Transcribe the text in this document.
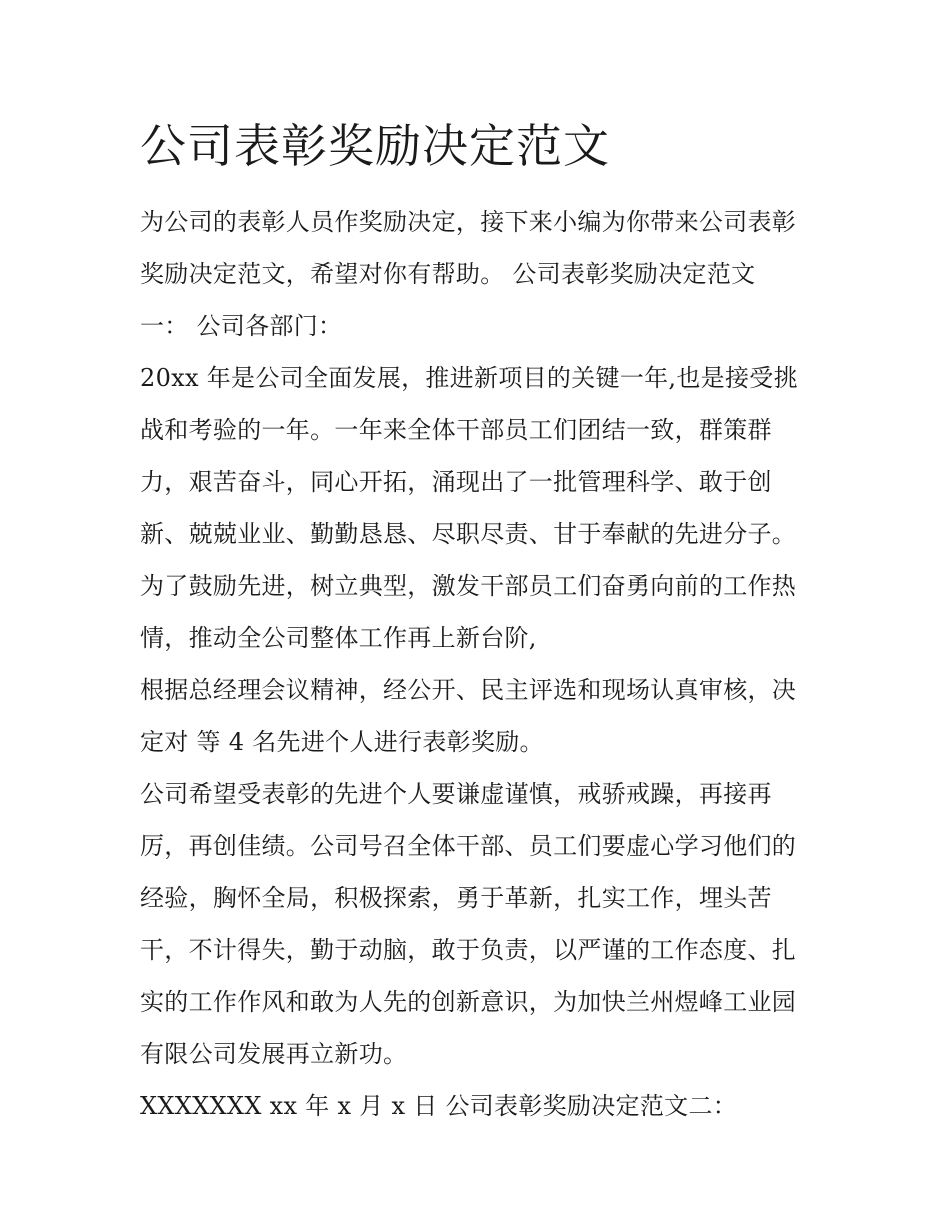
公司表彰奖励决定范文
为公司的表彰人员作奖励决定，接下来小编为你带来公司表彰
奖励决定范文，希望对你有帮助。 公司表彰奖励决定范文
一： 公司各部门：
20xx 年是公司全面发展，推进新项目的关键一年,也是接受挑
战和考验的一年。一年来全体干部员工们团结一致，群策群
力，艰苦奋斗，同心开拓，涌现出了一批管理科学、敢于创
新、兢兢业业、勤勤恳恳、尽职尽责、甘于奉献的先进分子。
为了鼓励先进，树立典型，激发干部员工们奋勇向前的工作热
情，推动全公司整体工作再上新台阶,
根据总经理会议精神，经公开、民主评选和现场认真审核，决
定对 等 4 名先进个人进行表彰奖励。
公司希望受表彰的先进个人要谦虚谨慎，戒骄戒躁，再接再
厉，再创佳绩。公司号召全体干部、员工们要虚心学习他们的
经验，胸怀全局，积极探索，勇于革新，扎实工作，埋头苦
干，不计得失，勤于动脑，敢于负责，以严谨的工作态度、扎
实的工作作风和敢为人先的创新意识，为加快兰州煜峰工业园
有限公司发展再立新功。
XXXXXXX xx 年 x 月 x 日 公司表彰奖励决定范文二：
